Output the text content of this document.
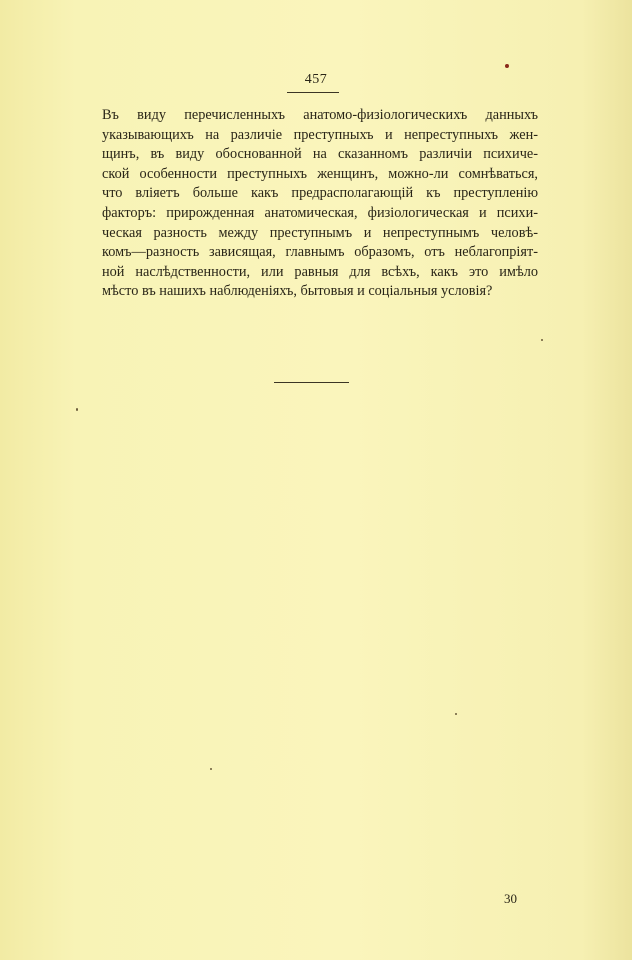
457
Въ виду перечисленныхъ анатомо-физiологическихъ данныхъ
указывающихъ на различiе преступныхъ и непреступныхъ жен-
щинъ, въ виду обоснованной на сказанномъ различiи психиче-
ской особенности преступныхъ женщинъ, можно-ли сомнѣваться,
что влiяетъ больше какъ предрасполагающiй къ преступленiю
факторъ: прирожденная анатомическая, физiологическая и психи-
ческая разность между преступнымъ и непреступнымъ человѣ-
комъ—разность зависящая, главнымъ образомъ, отъ неблагопрiят-
ной наслѣдственности, или равныя для всѣхъ, какъ это имѣло
мѣсто въ нашихъ наблюденiяхъ, бытовыя и соцiальныя условiя?
30
